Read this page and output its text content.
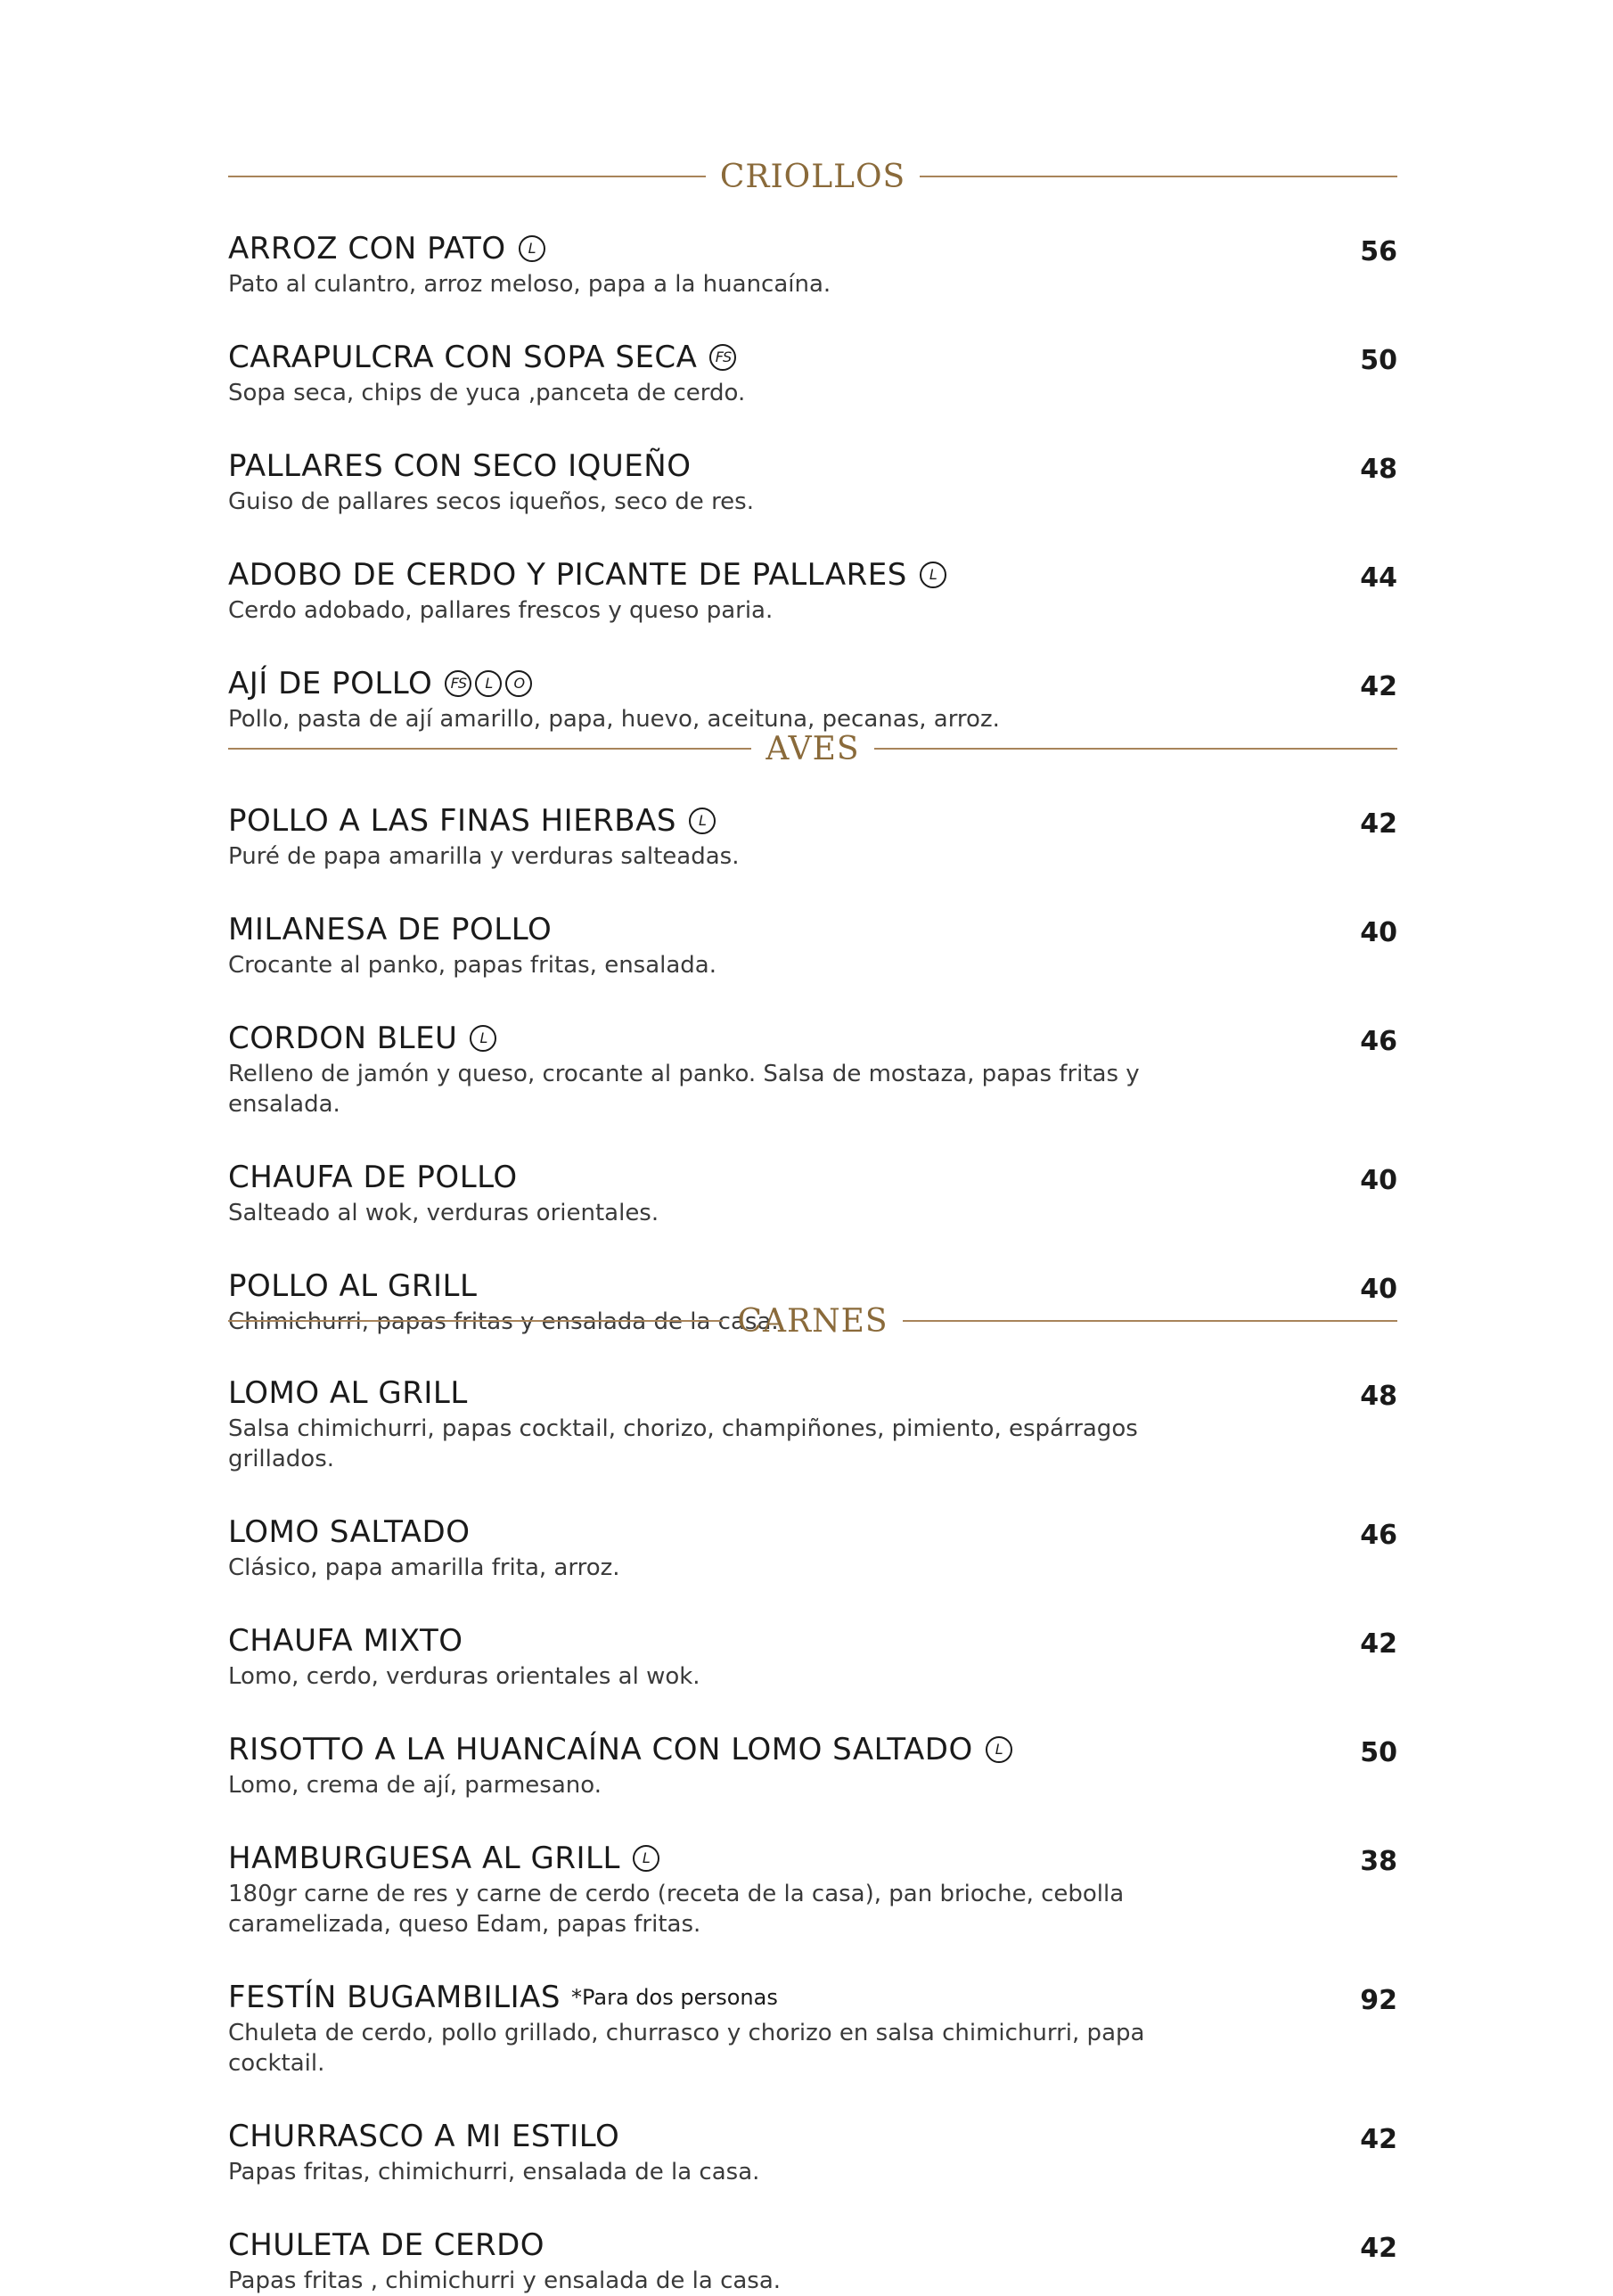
CRIOLLOS
ARROZ CON PATO	L
Pato al culantro, arroz meloso, papa a la huancaína.
56
CARAPULCRA CON SOPA SECA	FS
Sopa seca, chips de yuca ,panceta de cerdo.
50
PALLARES CON SECO IQUEÑO
Guiso de pallares secos iqueños, seco de res.
48
ADOBO DE CERDO Y PICANTE DE PALLARES	L
Cerdo adobado, pallares frescos y queso paria.
44
AJÍ DE POLLO	FS	L	O
Pollo, pasta de ají amarillo, papa, huevo, aceituna, pecanas, arroz.
42
AVES
POLLO A LAS FINAS HIERBAS	L
Puré de papa amarilla y verduras salteadas.
42
MILANESA DE POLLO
Crocante al panko, papas fritas, ensalada.
40
CORDON BLEU	L
Relleno de jamón y queso, crocante al panko. Salsa de mostaza, papas fritas y ensalada.
46
CHAUFA DE POLLO
Salteado al wok, verduras orientales.
40
POLLO AL GRILL
Chimichurri, papas fritas y ensalada de la casa.
40
CARNES
LOMO AL GRILL
Salsa chimichurri, papas cocktail, chorizo, champiñones, pimiento, espárragos grillados.
48
LOMO SALTADO
Clásico, papa amarilla frita, arroz.
46
CHAUFA MIXTO
Lomo, cerdo, verduras orientales al wok.
42
RISOTTO A LA HUANCAÍNA CON LOMO SALTADO	L
Lomo, crema de ají, parmesano.
50
HAMBURGUESA AL GRILL	L
180gr carne de res y carne de cerdo (receta de la casa), pan brioche, cebolla caramelizada, queso Edam, papas fritas.
38
FESTÍN BUGAMBILIAS *Para dos personas
Chuleta de cerdo, pollo grillado, churrasco y chorizo en salsa chimichurri, papa cocktail.
92
CHURRASCO A MI ESTILO
Papas fritas, chimichurri, ensalada de la casa.
42
CHULETA DE CERDO
Papas fritas , chimichurri y ensalada de la casa.
42
